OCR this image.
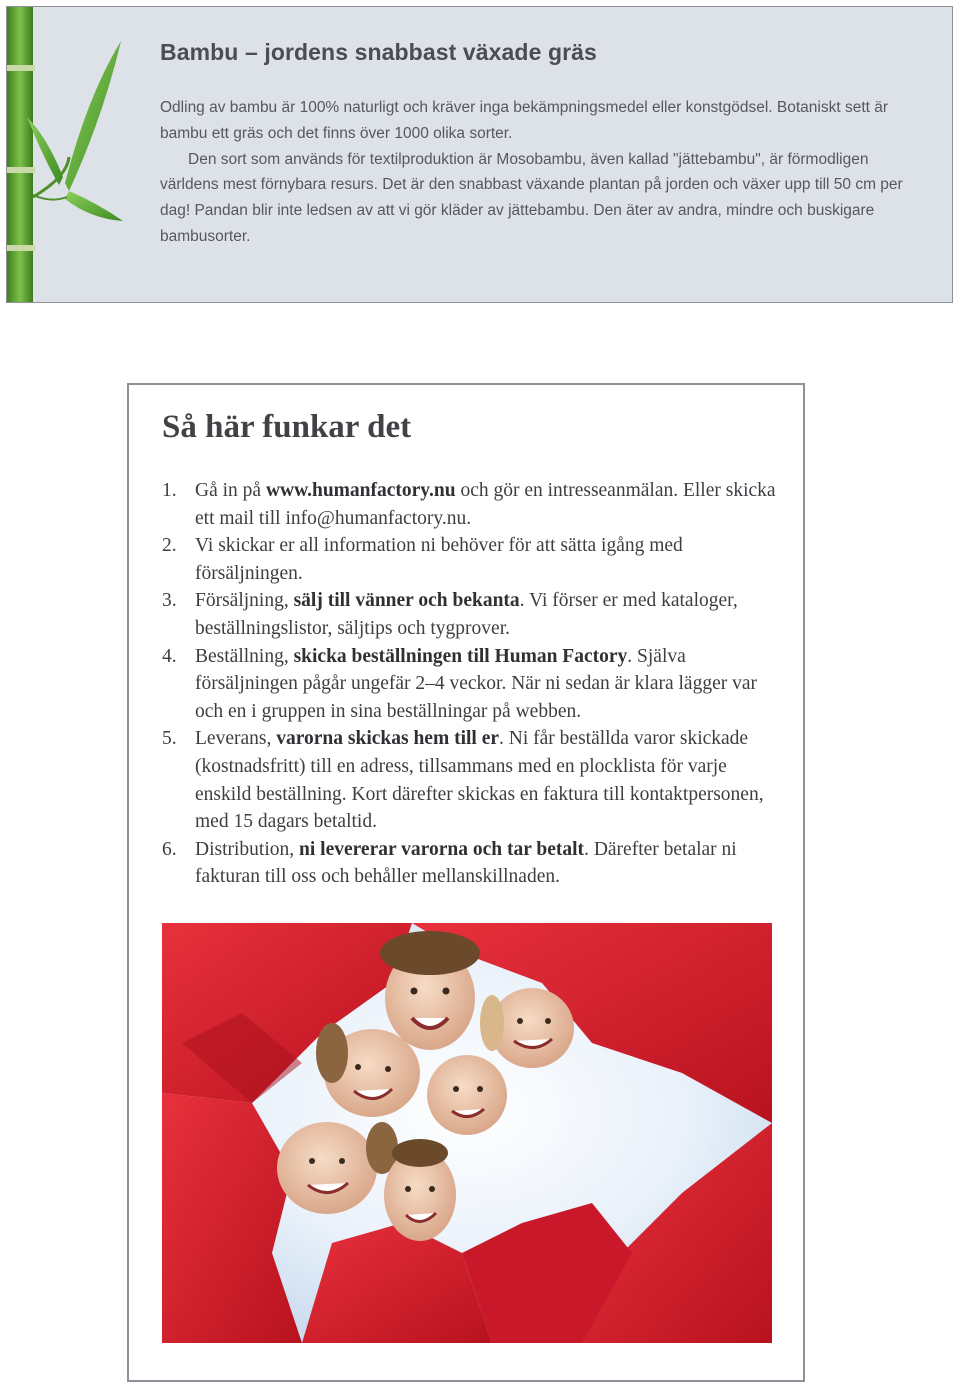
Bambu – jordens snabbast växade gräs

Odling av bambu är 100% naturligt och kräver inga bekämpningsmedel eller konstgödsel. Botaniskt sett är bambu ett gräs och det finns över 1000 olika sorter.

Den sort som används för textilproduktion är Mosobambu, även kallad "jättebambu", är förmodligen världens mest förnybara resurs. Det är den snabbast växande plantan på jorden och växer upp till 50 cm per dag! Pandan blir inte ledsen av att vi gör kläder av jättebambu. Den äter av andra, mindre och buskigare bambusorter.

Så här funkar det
1. Gå in på www.humanfactory.nu och gör en intresseanmälan. Eller skicka ett mail till info@humanfactory.nu.
2. Vi skickar er all information ni behöver för att sätta igång med försäljningen.
3. Försäljning, sälj till vänner och bekanta. Vi förser er med kataloger, beställningslistor, säljtips och tygprover.
4. Beställning, skicka beställningen till Human Factory. Själva försäljningen pågår ungefär 2–4 veckor. När ni sedan är klara lägger var och en i gruppen in sina beställningar på webben.
5. Leverans, varorna skickas hem till er. Ni får beställda varor skickade (kostnadsfritt) till en adress, tillsammans med en plocklista för varje enskild beställning. Kort därefter skickas en faktura till kontaktpersonen, med 15 dagars betaltid.
6. Distribution, ni levererar varorna och tar betalt. Därefter betalar ni fakturan till oss och behåller mellanskillnaden.
